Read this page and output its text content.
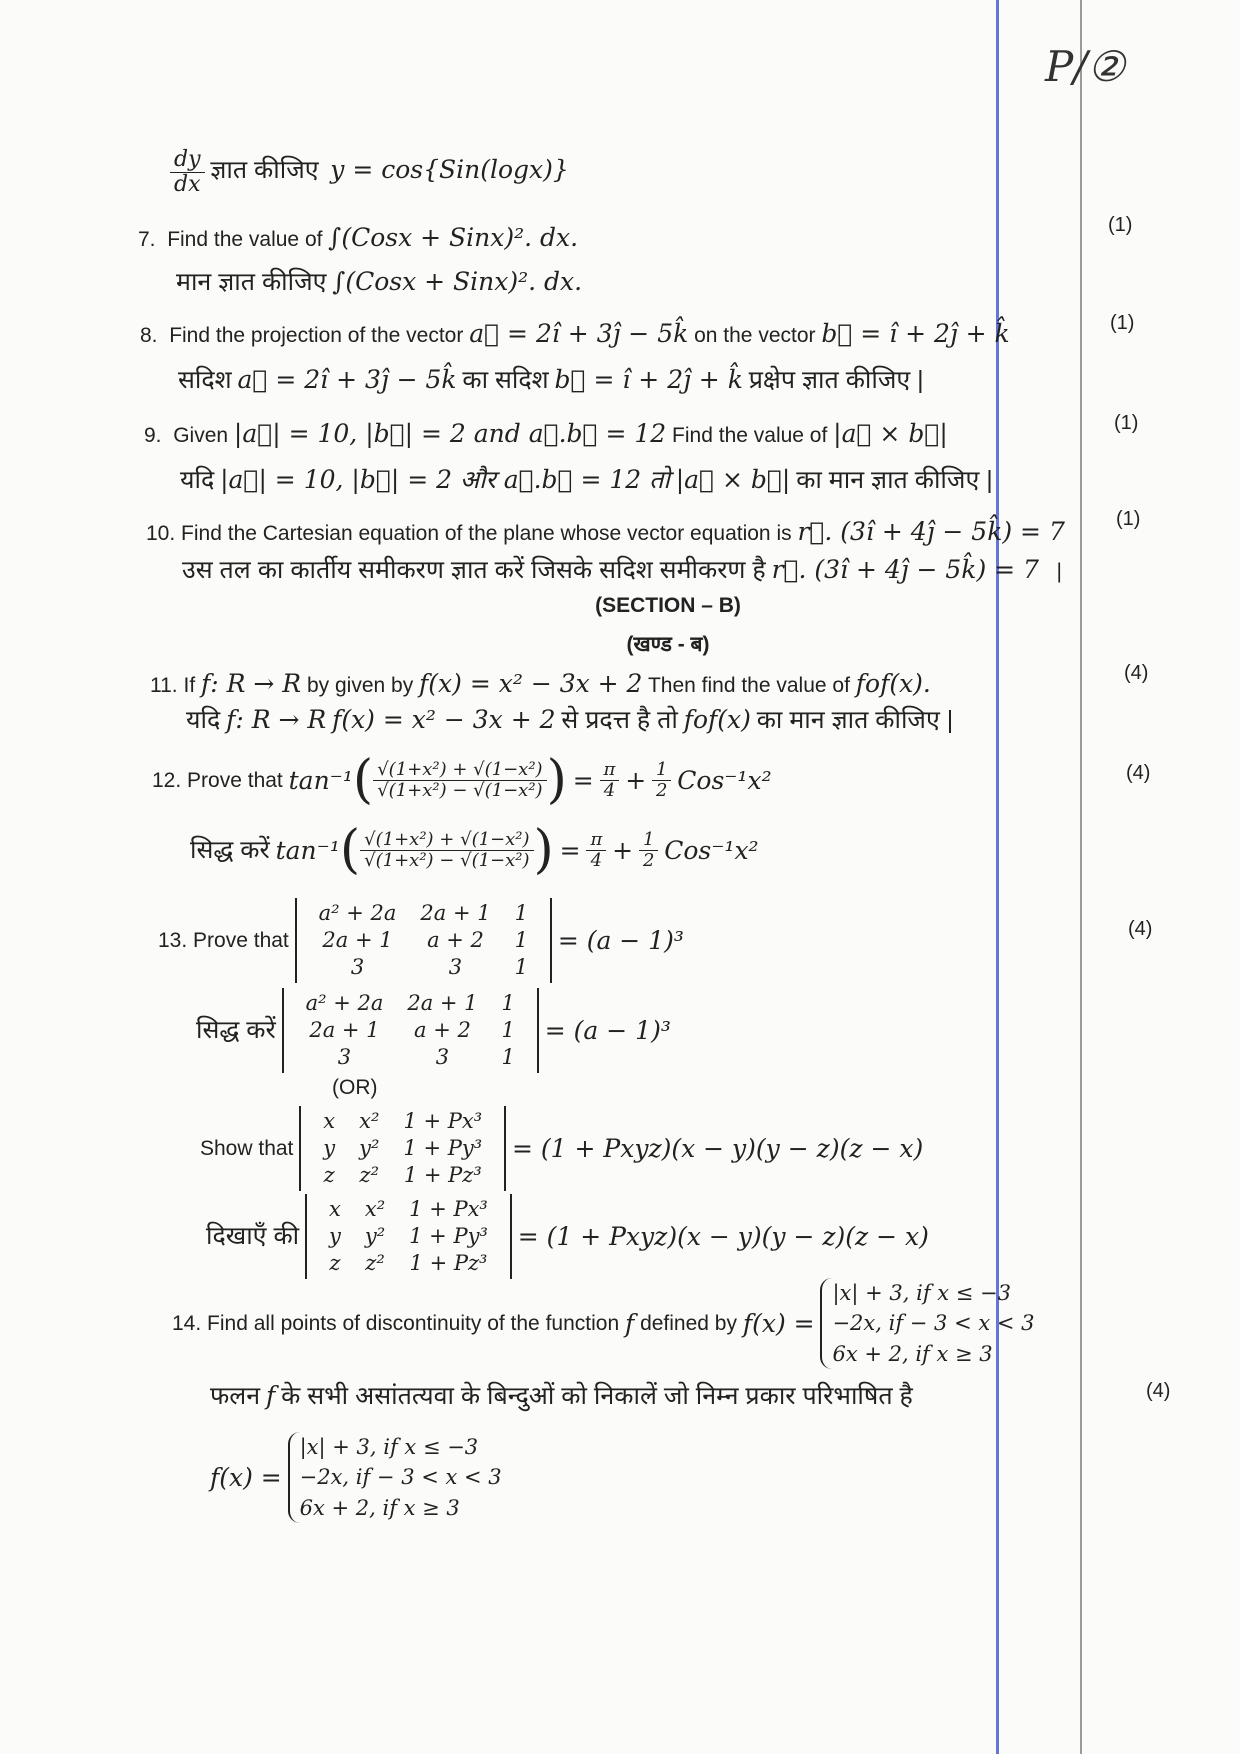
P/②
$\frac{dy}{dx}$ ज्ञात कीजिए y = cos{Sin(logx)}
7. Find the value of ∫(Cosx + Sinx)². dx.	(1)
मान ज्ञात कीजिए ∫(Cosx + Sinx)². dx.
8. Find the projection of the vector a⃗ = 2î + 3ĵ − 5k̂ on the vector b⃗ = î + 2ĵ + k̂	(1)
सदिश a⃗ = 2î + 3ĵ − 5k̂ का सदिश b⃗ = î + 2ĵ + k̂ प्रक्षेप ज्ञात कीजिए |
9. Given |a⃗| = 10, |b⃗| = 2 and a⃗.b⃗ = 12 Find the value of |a⃗ × b⃗|	(1)
यदि |a⃗| = 10, |b⃗| = 2 और a⃗.b⃗ = 12 तो |a⃗ × b⃗| का मान ज्ञात कीजिए |
10. Find the Cartesian equation of the plane whose vector equation is r⃗. (3î + 4ĵ − 5k̂) = 7	(1)
उस तल का कार्तीय समीकरण ज्ञात करें जिसके सदिश समीकरण है r⃗. (3î + 4ĵ − 5k̂) = 7 |
(SECTION – B)
(खण्ड - ब)
11. If f: R → R by given by f(x) = x² − 3x + 2 Then find the value of fof(x).	(4)
यदि f: R → R f(x) = x² − 3x + 2 से प्रदत्त है तो fof(x) का मान ज्ञात कीजिए |
12. Prove that $\tan^{-1}( \frac{\text{√(1+x²) + √(1−x²)}}{\text{√(1+x²) − √(1−x²)}}$ ) = $\frac{\pi}{4} + \frac{1}{2} Cos^{-1}x^2$	(4)
सिद्ध करें $\tan^{-1}( \frac{\text{√(1+x²) + √(1−x²)}}{\text{√(1+x²) − √(1−x²)}}$ ) = $\frac{\pi}{4} + \frac{1}{2} Cos^{-1}x^2$
13. Prove that
a² + 2a	2a + 1	1
2a + 1	a + 2	1
3	3	1
= (a − 1)³	(4)
सिद्ध करें
a² + 2a	2a + 1	1
2a + 1	a + 2	1
3	3	1
= (a − 1)³
(OR)
Show that
x	x²	1 + Px³
y	y²	1 + Py³
z	z²	1 + Pz³
= (1 + Pxyz)(x − y)(y − z)(z − x)
दिखाएँ की
x	x²	1 + Px³
y	y²	1 + Py³
z	z²	1 + Pz³
= (1 + Pxyz)(x − y)(y − z)(z − x)
14. Find all points of discontinuity of the function f defined by f(x) =
|x| + 3, if x ≤ −3
−2x, if − 3 < x < 3
6x + 2, if x ≥ 3
फलन f के सभी असांतत्यवा के बिन्दुओं को निकालें जो निम्न प्रकार परिभाषित है	(4)
f(x) =
|x| + 3, if x ≤ −3
−2x, if − 3 < x < 3
6x + 2, if x ≥ 3
